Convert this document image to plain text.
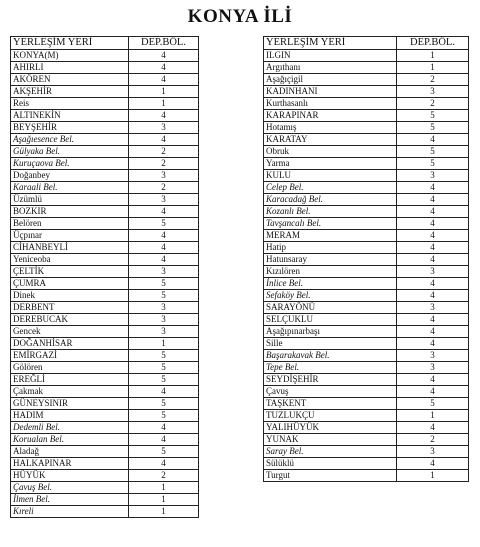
KONYA İLİ
YERLEŞİM YERİ	DEP.BÖL.
KONYA(M)	4
AHIRLI	4
AKÖREN	4
AKŞEHİR	1
Reis	1
ALTINEKİN	4
BEYŞEHİR	3
Aşağıesence Bel.	4
Gülyaka Bel.	2
Kuruçaova Bel.	2
Doğanbey	3
Karaali Bel.	2
Üzümlü	3
BOZKIR	4
Belören	5
Üçpınar	4
CİHANBEYLİ	4
Yeniceoba	4
ÇELTİK	3
ÇUMRA	5
Dinek	5
DERBENT	3
DEREBUCAK	3
Gencek	3
DOĞANHİSAR	1
EMİRGAZİ	5
Gölören	5
EREĞLİ	5
Çakmak	4
GÜNEYSINIR	5
HADIM	5
Dedemli Bel.	4
Korualan Bel.	4
Aladağ	5
HALKAPINAR	4
HÜYÜK	2
Çavuş Bel.	1
İlmen Bel.	1
Kıreli	1
YERLEŞİM YERİ	DEP.BÖL.
ILGIN	1
Argıthanı	1
Aşağıçigil	2
KADINHANI	3
Kurthasanlı	2
KARAPINAR	5
Hotamış	5
KARATAY	4
Obruk	5
Yarma	5
KULU	3
Celep Bel.	4
Karacadağ Bel.	4
Kozanlı Bel.	4
Tavşancalı Bel.	4
MERAM	4
Hatip	4
Hatunsaray	4
Kızılören	3
İnlice Bel.	4
Sefaköy Bel.	4
SARAYÖNÜ	3
SELÇUKLU	4
Aşağıpınarbaşı	4
Sille	4
Başarakavak Bel.	3
Tepe Bel.	3
SEYDİŞEHİR	4
Çavuş	4
TAŞKENT	5
TUZLUKÇU	1
YALIHÜYÜK	4
YUNAK	2
Saray Bel.	3
Sülüklü	4
Turgut	1
